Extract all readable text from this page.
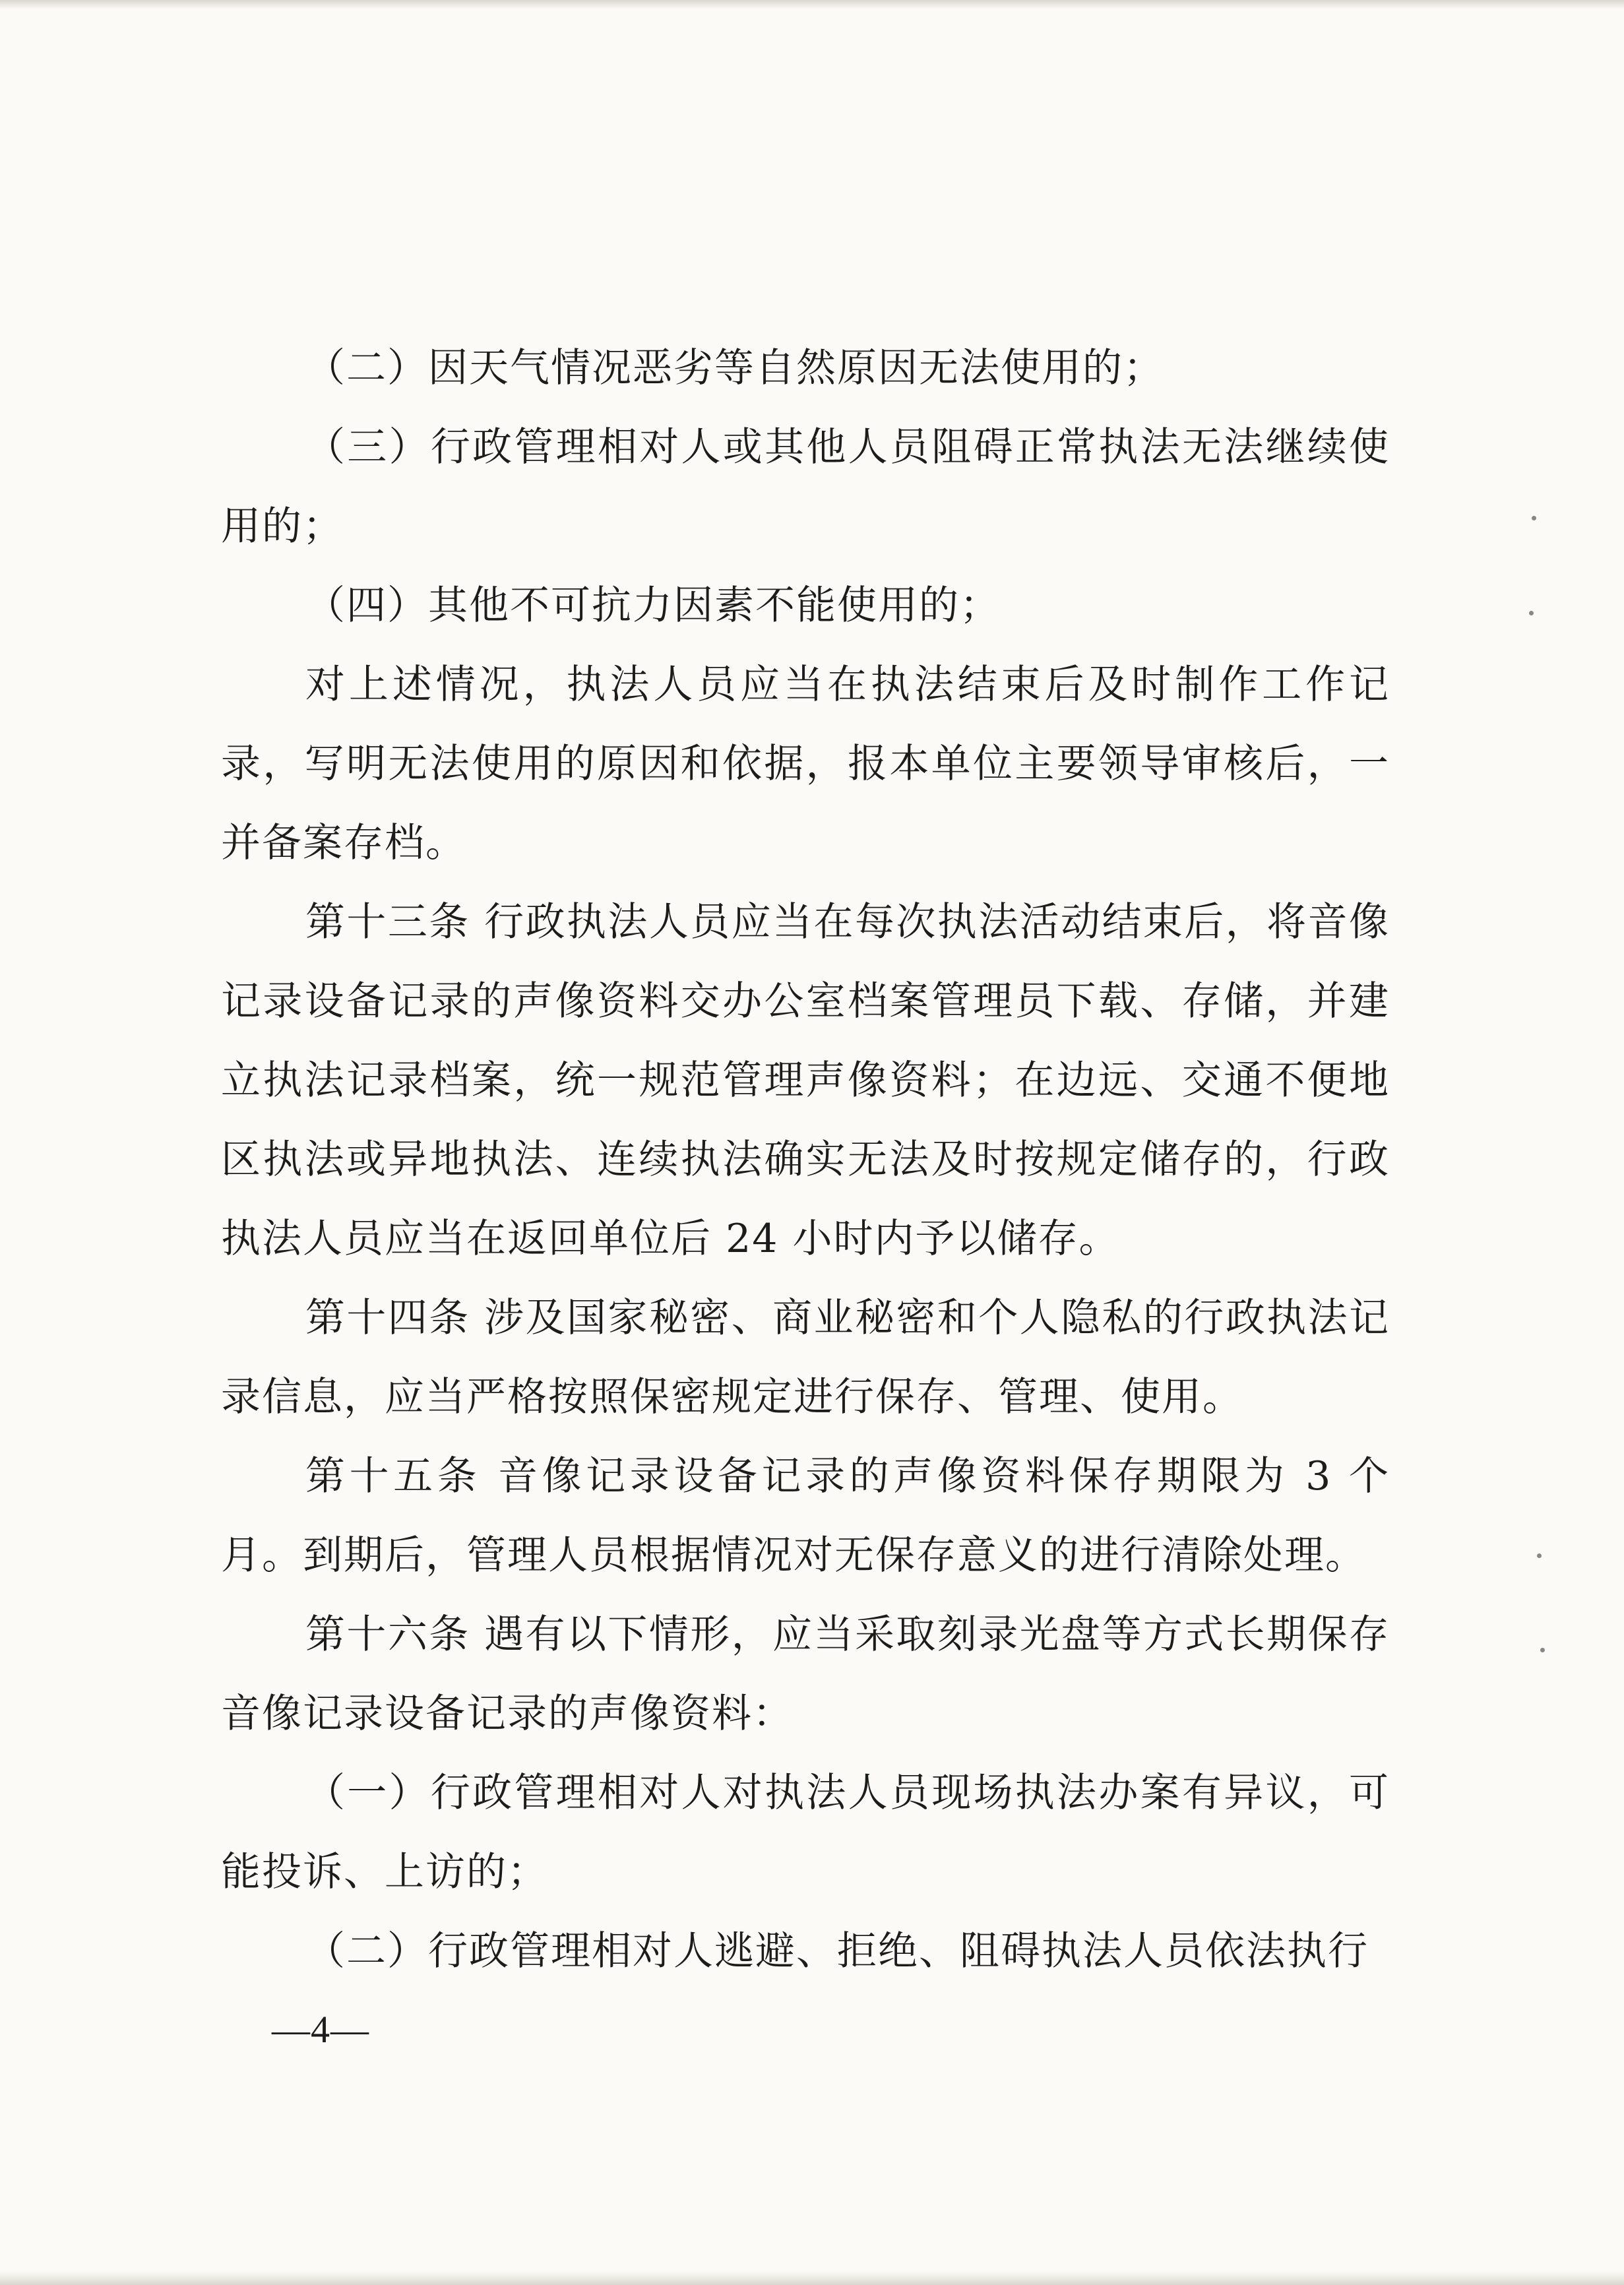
（二）因天气情况恶劣等自然原因无法使用的；

（三）行政管理相对人或其他人员阻碍正常执法无法继续使用的；

（四）其他不可抗力因素不能使用的；

对上述情况，执法人员应当在执法结束后及时制作工作记录，写明无法使用的原因和依据，报本单位主要领导审核后，一并备案存档。

第十三条 行政执法人员应当在每次执法活动结束后，将音像记录设备记录的声像资料交办公室档案管理员下载、存储，并建立执法记录档案，统一规范管理声像资料；在边远、交通不便地区执法或异地执法、连续执法确实无法及时按规定储存的，行政执法人员应当在返回单位后 24 小时内予以储存。

第十四条 涉及国家秘密、商业秘密和个人隐私的行政执法记录信息，应当严格按照保密规定进行保存、管理、使用。

第十五条 音像记录设备记录的声像资料保存期限为 3 个月。到期后，管理人员根据情况对无保存意义的进行清除处理。

第十六条 遇有以下情形，应当采取刻录光盘等方式长期保存音像记录设备记录的声像资料：

（一）行政管理相对人对执法人员现场执法办案有异议，可能投诉、上访的；

（二）行政管理相对人逃避、拒绝、阻碍执法人员依法执行

—4—
